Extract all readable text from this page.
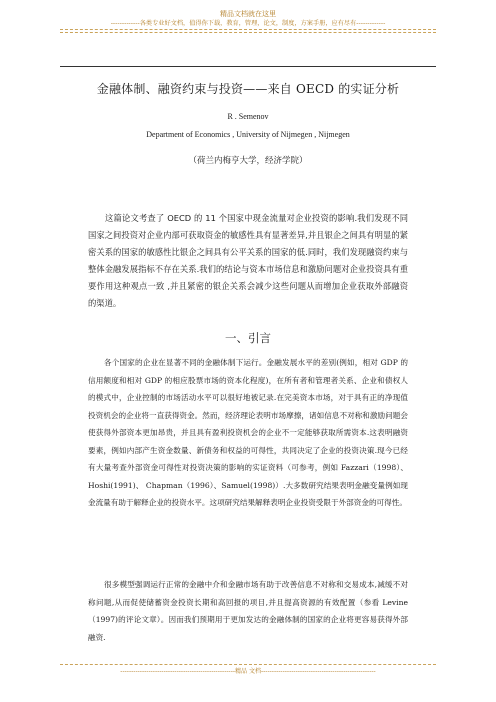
精品文档就在这里
-------------各类专业好文档，值得你下载，教育，管理，论文，制度，方案手册，应有尽有-------------
金融体制、融资约束与投资——来自 OECD 的实证分析
R . Semenov
Department of Economics , University of Nijmegen , Nijmegen
（荷兰内梅亨大学，经济学院）

这篇论文考查了 OECD 的 11 个国家中现金流量对企业投资的影响.我们发现不同国家之间投资对企业内部可获取资金的敏感性具有显著差异,并且银企之间具有明显的紧密关系的国家的敏感性比银企之间具有公平关系的国家的低.同时，我们发现融资约束与整体金融发展指标不存在关系.我们的结论与资本市场信息和激励问题对企业投资具有重要作用这种观点一致 ,并且紧密的银企关系会减少这些问题从而增加企业获取外部融资的渠道。

一、引言

各个国家的企业在显著不同的金融体制下运行。金融发展水平的差别(例如，相对 GDP 的信用额度和相对 GDP 的相应股票市场的资本化程度)，在所有者和管理者关系、企业和债权人的模式中，企业控制的市场活动水平可以很好地被记录.在完美资本市场，对于具有正的净现值投资机会的企业将一直获得资金。然而，经济理论表明市场摩擦，诸如信息不对称和激励问题会使获得外部资本更加昂贵，并且具有盈利投资机会的企业不一定能够获取所需资本.这表明融资要素，例如内部产生资金数量、新债务和权益的可得性，共同决定了企业的投资决策.现今已经有大量考查外部资金可得性对投资决策的影响的实证资料（可参考，例如 Fazzari（1998）、 Hoshi(1991)、 Chapman（1996）、Samuel(1998)）.大多数研究结果表明金融变量例如现金流量有助于解释企业的投资水平。这项研究结果解释表明企业投资受限于外部资金的可得性。

很多模型强调运行正常的金融中介和金融市场有助于改善信息不对称和交易成本,减缓不对称问题,从而促使储蓄资金投资长期和高回报的项目,并且提高资源的有效配置（参看 Levine（1997)的评论文章）。因而我们预期用于更加发达的金融体制的国家的企业将更容易获得外部融资.

-----------------------------------------------------精品 文档-----------------------------------------------------
